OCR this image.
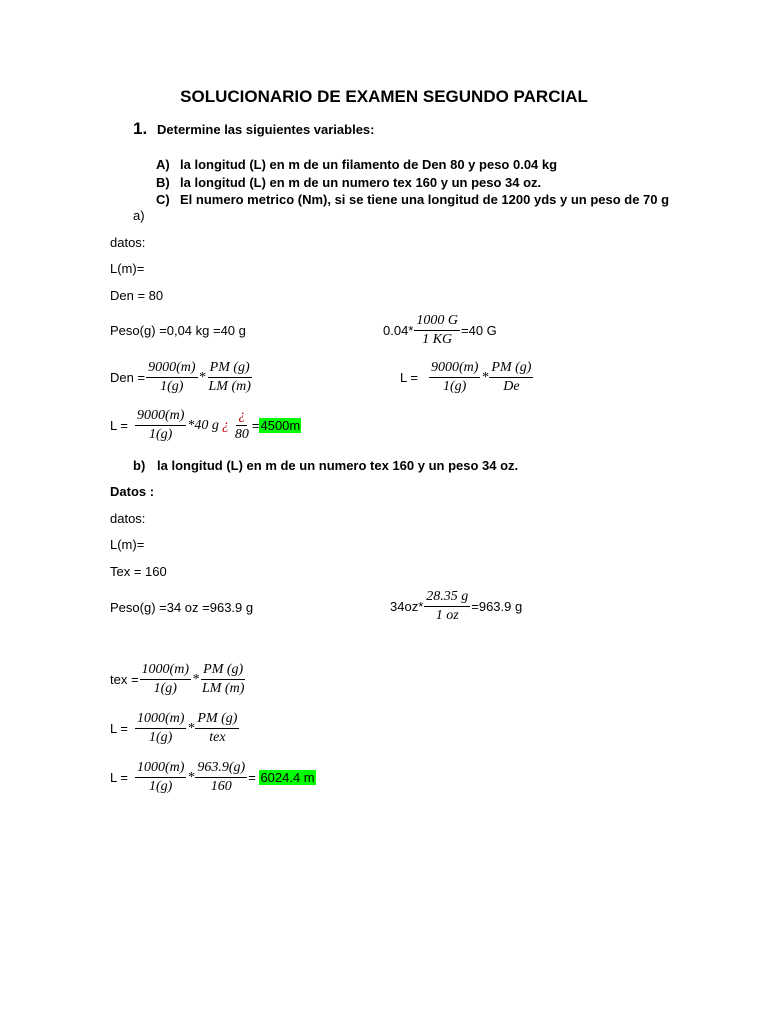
SOLUCIONARIO DE EXAMEN SEGUNDO PARCIAL
1. Determine las siguientes variables:
A) la longitud (L) en m de un filamento de Den 80 y peso 0.04 kg
B) la longitud (L) en m de un numero tex 160 y un peso 34 oz.
C) El numero metrico (Nm), si se tiene una longitud de 1200 yds y un peso de 70 g
a)
datos:
L(m)=
Den = 80
Peso(g) =0,04 kg =40 g	$0.04* \frac{1000 G}{1 KG} =40$ G
Den = $\frac{9000(m)}{1(g)} * \frac{PM (g)}{LM (m)}$	$L = \frac{9000(m)}{1(g)} * \frac{PM (g)}{De}$
$L = \frac{9000(m)}{1(g)} *40$ g ¿ $\frac{¿}{80} = 4500m$
b) la longitud (L) en m de un numero tex 160 y un peso 34 oz.
Datos :
datos:
L(m)=
Tex = 160
Peso(g) =34 oz =963.9 g	$34oz* \frac{28.35 g}{1 oz} =963.9$ g
tex = $\frac{1000(m)}{1(g)} * \frac{PM (g)}{LM (m)}$
$L = \frac{1000(m)}{1(g)} * \frac{PM (g)}{\text{tex}}$
$L = \frac{1000(m)}{1(g)} * \frac{963.9(g)}{160} = 6024.4$ m
